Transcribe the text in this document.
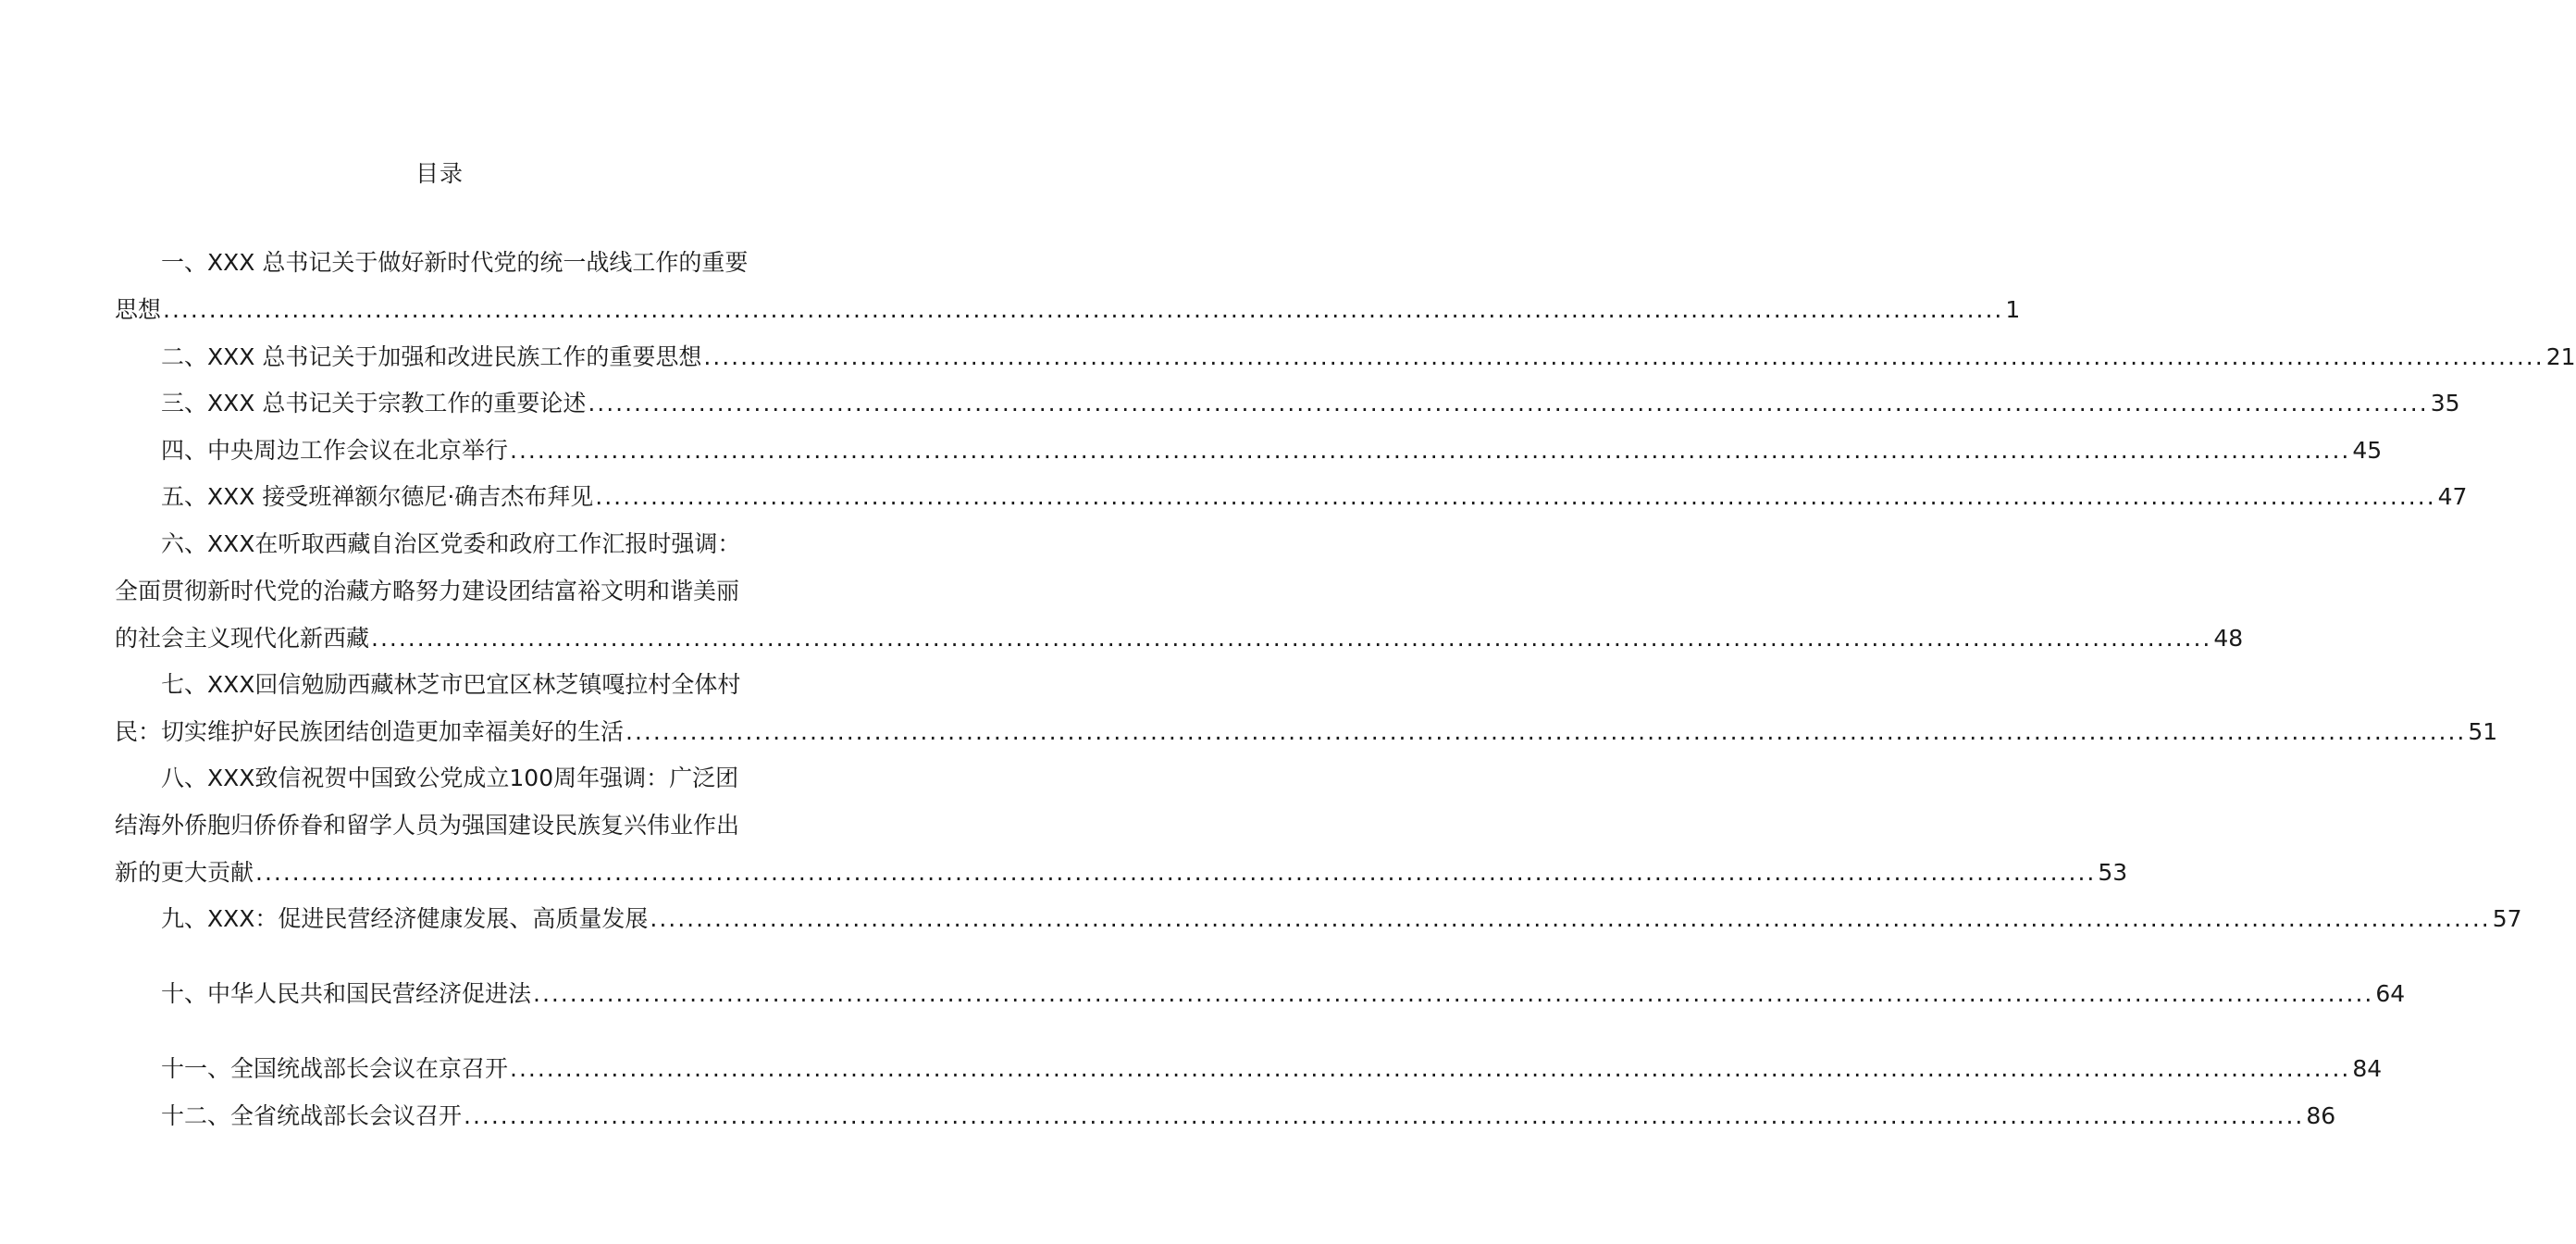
目录
一、XXX 总书记关于做好新时代党的统一战线工作的重要
思想 ........................................................................................................................................................................................................ 1
二、XXX 总书记关于加强和改进民族工作的重要思想 ........................................................................................................................................................................................................ 21
三、XXX 总书记关于宗教工作的重要论述 ........................................................................................................................................................................................................ 35
四、中央周边工作会议在北京举行 ........................................................................................................................................................................................................ 45
五、XXX 接受班禅额尔德尼·确吉杰布拜见 ........................................................................................................................................................................................................ 47
六、XXX在听取西藏自治区党委和政府工作汇报时强调：
全面贯彻新时代党的治藏方略努力建设团结富裕文明和谐美丽
的社会主义现代化新西藏 ........................................................................................................................................................................................................ 48
七、XXX回信勉励西藏林芝市巴宜区林芝镇嘎拉村全体村
民：切实维护好民族团结创造更加幸福美好的生活 ........................................................................................................................................................................................................ 51
八、XXX致信祝贺中国致公党成立100周年强调：广泛团
结海外侨胞归侨侨眷和留学人员为强国建设民族复兴伟业作出
新的更大贡献 ........................................................................................................................................................................................................ 53
九、XXX：促进民营经济健康发展、高质量发展 ........................................................................................................................................................................................................ 57
十、中华人民共和国民营经济促进法 ........................................................................................................................................................................................................ 64
十一、全国统战部长会议在京召开 ........................................................................................................................................................................................................ 84
十二、全省统战部长会议召开 ........................................................................................................................................................................................................ 86
